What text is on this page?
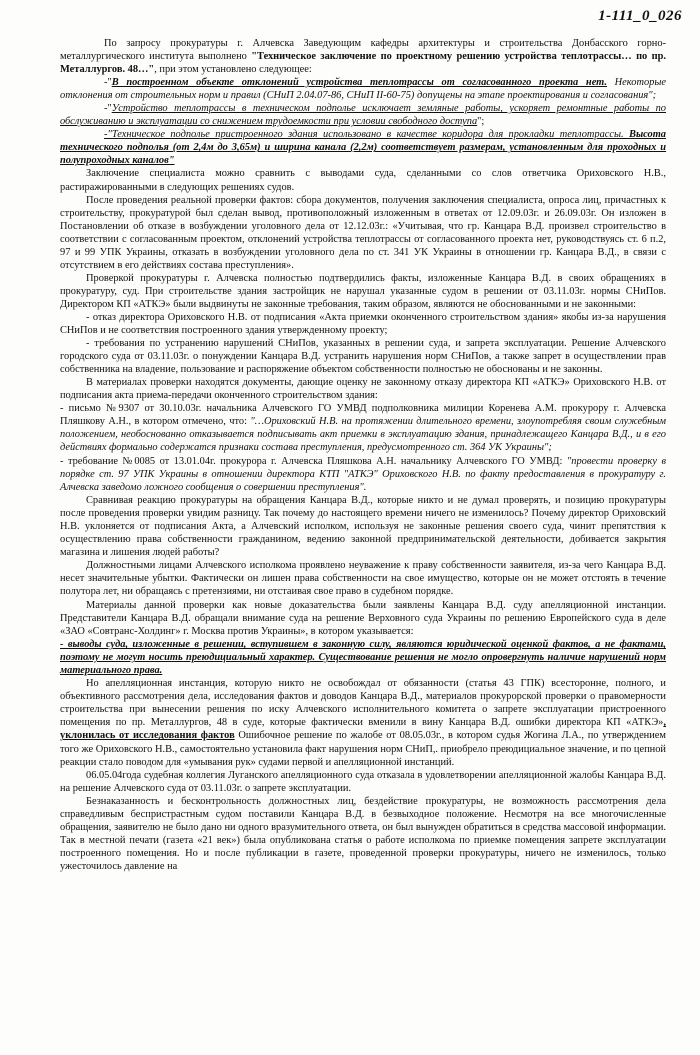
1-111_0_026

По запросу прокуратуры г. Алчевска Заведующим кафедры архитектуры и строительства Донбасского горно-металлургического института выполнено "Техническое заключение по проектному решению устройства теплотрассы… по пр. Металлургов. 48…", при этом установлено следующее:

-"В построенном объекте отклонений устройства теплотрассы от согласованного проекта нет. Некоторые отклонения от строительных норм и правил (СНиП 2.04.07-86, СНиП II-60-75) допущены на этапе проектирования и согласования";

-"Устройство теплотрассы в техническом подполье исключает земляные работы, ускоряет ремонтные работы по обслуживанию и эксплуатации со снижением трудоемкости при условии свободного доступа";

-"Техническое подполье пристроенного здания использовано в качестве коридора для прокладки теплотрассы. Высота технического подполья (от 2,4м до 3,65м) и ширина канала (2,2м) соответствует размерам, установленным для проходных и полупроходных каналов"

Заключение специалиста можно сравнить с выводами суда, сделанными со слов ответчика Ориховского Н.В., растиражированными в следующих решениях судов.

После проведения реальной проверки фактов: сбора документов, получения заключения специалиста, опроса лиц, причастных к строительству, прокуратурой был сделан вывод, противоположный изложенным в ответах от 12.09.03г. и 26.09.03г. Он изложен в Постановлении об отказе в возбуждении уголовного дела от 12.12.03г.: «Учитывая, что гр. Канцара В.Д. произвел строительство в соответствии с согласованным проектом, отклонений устройства теплотрассы от согласованного проекта нет, руководствуясь ст. 6 п.2, 97 и 99 УПК Украины, отказать в возбуждении уголовного дела по ст. 341 УК Украины в отношении гр. Канцара В.Д., в связи с отсутствием в его действиях состава преступления».

Проверкой прокуратуры г. Алчевска полностью подтвердились факты, изложенные Канцара В.Д. в своих обращениях в прокуратуру, суд. При строительстве здания застройщик не нарушал указанные судом в решении от 03.11.03г. нормы СНиПов. Директором КП «АТКЭ» были выдвинуты не законные требования, таким образом, являются не обоснованными и не законными:

- отказ директора Ориховского Н.В. от подписания «Акта приемки оконченного строительством здания» якобы из-за нарушения СНиПов и не соответствия построенного здания утвержденному проекту;

- требования по устранению нарушений СНиПов, указанных в решении суда, и запрета эксплуатации. Решение Алчевского городского суда от 03.11.03г. о понуждении Канцара В.Д. устранить нарушения норм СНиПов, а также запрет в осуществлении прав собственника на владение, пользование и распоряжение объектом собственности полностью не обоснованы и не законны.

В материалах проверки находятся документы, дающие оценку не законному отказу директора КП «АТКЭ» Ориховского Н.В. от подписания акта приема-передачи оконченного строительством здания:

- письмо №9307 от 30.10.03г. начальника Алчевского ГО УМВД подполковника милиции Коренева А.М. прокурору г. Алчевска Пляшкову А.Н., в котором отмечено, что: "…Ориховский Н.В. на протяжении длительного времени, злоупотребляя своим служебным положением, необоснованно отказывается подписывать акт приемки в эксплуатацию здания, принадлежащего Канцара В.Д., и в его действиях формально содержатся признаки состава преступления, предусмотренного ст. 364 УК Украины";

- требование №0085 от 13.01.04г. прокурора г. Алчевска Пляшкова А.Н. начальнику Алчевского ГО УМВД: "провести проверку в порядке ст. 97 УПК Украины в отношении директора КТП "АТКЭ" Ориховского Н.В. по факту предоставления в прокуратуру г. Алчевска заведомо ложного сообщения о совершении преступления".

Сравнивая реакцию прокуратуры на обращения Канцара В.Д., которые никто и не думал проверять, и позицию прокуратуры после проведения проверки увидим разницу. Так почему до настоящего времени ничего не изменилось? Почему директор Ориховский Н.В. уклоняется от подписания Акта, а Алчевский исполком, используя не законные решения своего суда, чинит препятствия к осуществлению права собственности гражданином, ведению законной предпринимательской деятельности, добивается закрытия магазина и лишения людей работы?

Должностными лицами Алчевского исполкома проявлено неуважение к праву собственности заявителя, из-за чего Канцара В.Д. несет значительные убытки. Фактически он лишен права собственности на свое имущество, которые он не может отстоять в течение полутора лет, ни обращаясь с претензиями, ни отстаивая свое право в судебном порядке.

Материалы данной проверки как новые доказательства были заявлены Канцара В.Д. суду апелляционной инстанции. Представители Канцара В.Д. обращали внимание суда на решение Верховного суда Украины по решению Европейского суда в деле «ЗАО «Совтранс-Холдинг» г. Москва против Украины», в котором указывается:

- выводы суда, изложенные в решении, вступившем в законную силу, являются юридической оценкой фактов, а не фактами, поэтому не могут носить преюдициальный характер. Существование решения не могло опровергнуть наличие нарушений норм материального права.

Но апелляционная инстанция, которую никто не освобождал от обязанности (статья 43 ГПК) всесторонне, полного, и объективного рассмотрения дела, исследования фактов и доводов Канцара В.Д., материалов прокурорской проверки о правомерности строительства при вынесении решения по иску Алчевского исполнительного комитета о запрете эксплуатации пристроенного помещения по пр. Металлургов, 48 в суде, которые фактически вменили в вину Канцара В.Д. ошибки директора КП «АТКЭ», уклонилась от исследования фактов Ошибочное решение по жалобе от 08.05.03г., в котором судья Жогина Л.А., по утверждением того же Ориховского Н.В., самостоятельно установила факт нарушения норм СНиП,. приобрело преюдициальное значение, и по цепной реакции стало поводом для «умывания рук» судами первой и апелляционной инстанций.

06.05.04года судебная коллегия Луганского апелляционного суда отказала в удовлетворении апелляционной жалобы Канцара В.Д. на решение Алчевского суда от 03.11.03г. о запрете эксплуатации.

Безнаказанность и бесконтрольность должностных лиц, бездействие прокуратуры, не возможность рассмотрения дела справедливым беспристрастным судом поставили Канцара В.Д. в безвыходное положение. Несмотря на все многочисленные обращения, заявителю не было дано ни одного вразумительного ответа, он был вынужден обратиться в средства массовой информации. Так в местной печати (газета «21 век») была опубликована статья о работе исполкома по приемке помещения запрете эксплуатации построенного помещения. Но и после публикации в газете, проведенной проверки прокуратуры, ничего не изменилось, только ужесточилось давление на
